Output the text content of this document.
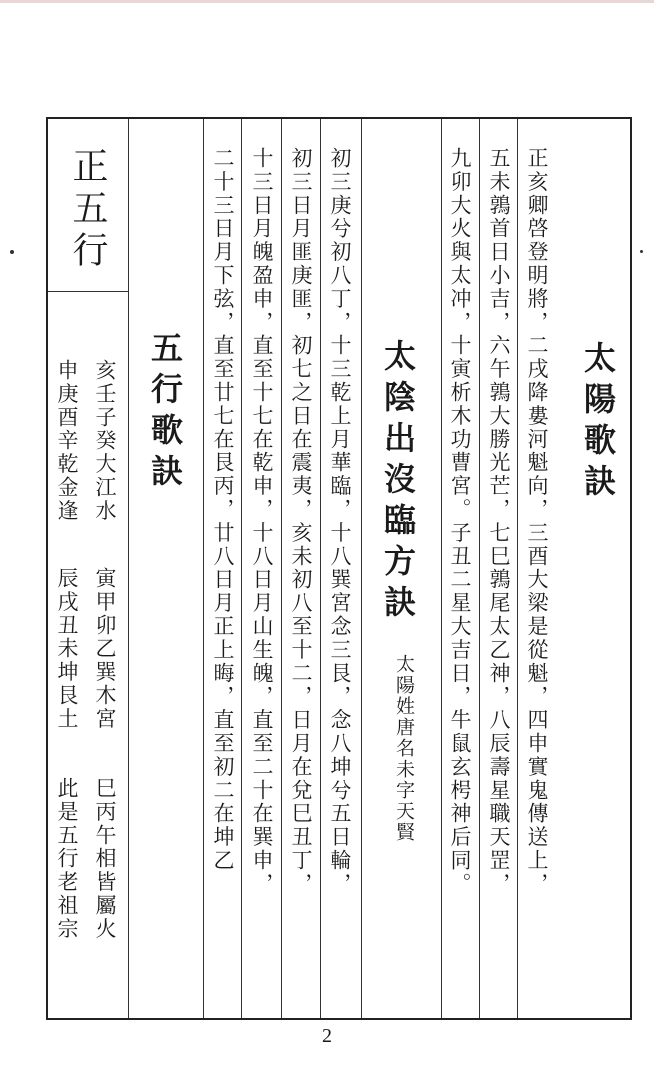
太陽歌訣
正亥卿啓登明將，二戌降婁河魁向，三酉大梁是從魁，四申實鬼傳送上，
五未鶉首日小吉，六午鶉大勝光芒，七巳鶉尾太乙神，八辰壽星職天罡，
九卯大火與太冲，十寅析木功曹宮。子丑二星大吉日，牛鼠玄枵神后同。
太陰出沒臨方訣
太陽姓唐名未字天賢
初三庚兮初八丁，十三乾上月華臨，十八巽宮念三艮，念八坤兮五日輪，
初三日月匪庚匪，初七之日在震夷，亥未初八至十二，日月在兌巳丑丁，
十三日月魄盈申，直至十七在乾申，十八日月山生魄，直至二十在巽申，
二十三日月下弦，直至廿七在艮丙，廿八日月正上晦，直至初二在坤乙
五行歌訣
亥壬子癸大江水
寅甲卯乙巽木宮
巳丙午相皆屬火
申庚酉辛乾金逢
辰戌丑未坤艮土
此是五行老祖宗
正五行
2
